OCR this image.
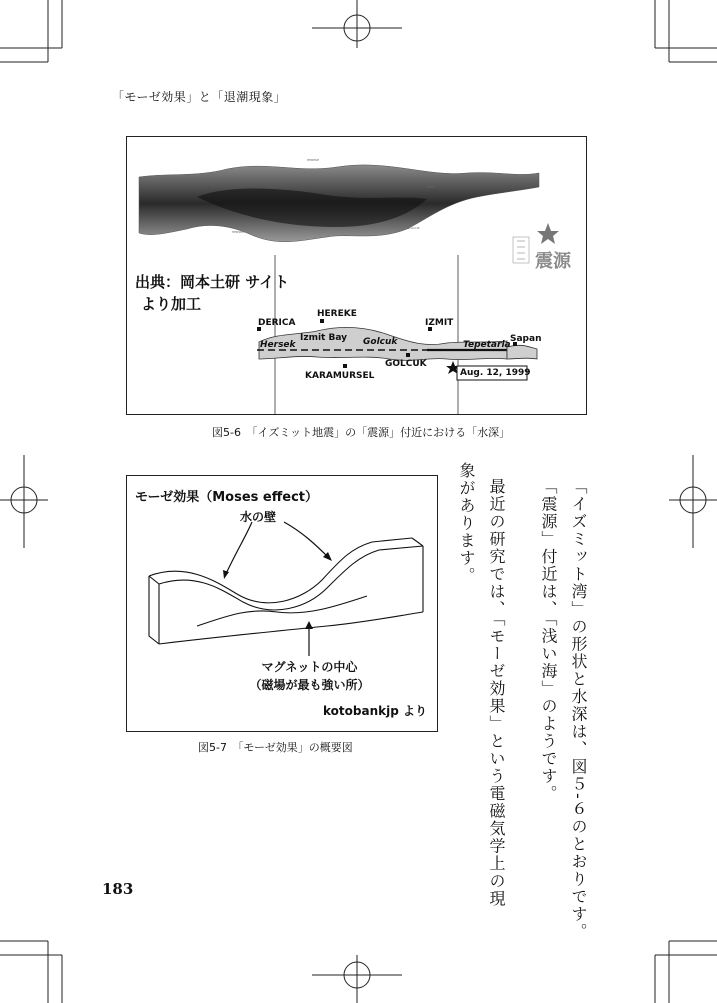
「モーゼ効果」と「退潮現象」
DARICA
HEREKE
IZMIT
HERSEK
GOLCUK
出典：岡本土研 サイト
より加工
震源
DERICA
HEREKE
IZMIT
Hersek
Izmit Bay Golcuk	Tepetarla
Sapan
KARAMURSEL
GOLCUK
Aug. 12, 1999
図5-6　「イズミット地震」の「震源」付近における「水深」
モーゼ効果（Moses effect）
水の壁
マグネットの中心
（磁場が最も強い所）
kotobankjp より
図5-7　「モーゼ効果」の概要図	「イズミット湾」の形状と水深は、図５‐６のとおりです。
「震源」付近は、「浅い海」のようです。
最近の研究では、「モーゼ効果」という電磁気学上の現
象があります。
183
